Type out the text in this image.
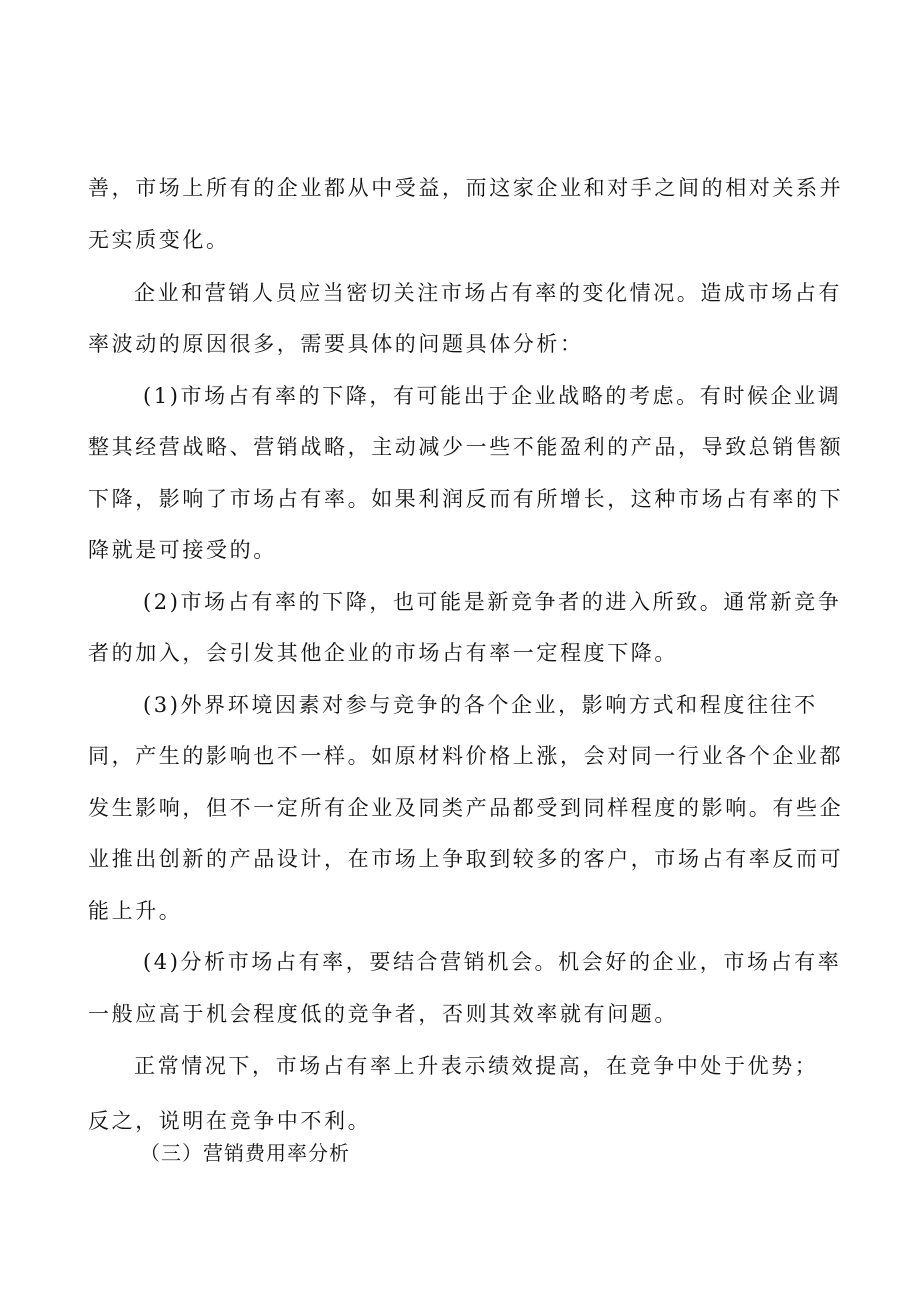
善，市场上所有的企业都从中受益，而这家企业和对手之间的相对关系并
无实质变化。
企业和营销人员应当密切关注市场占有率的变化情况。造成市场占有
率波动的原因很多，需要具体的问题具体分析：
(1)市场占有率的下降，有可能出于企业战略的考虑。有时候企业调
整其经营战略、营销战略，主动减少一些不能盈利的产品，导致总销售额
下降，影响了市场占有率。如果利润反而有所增长，这种市场占有率的下
降就是可接受的。
(2)市场占有率的下降，也可能是新竞争者的进入所致。通常新竞争
者的加入，会引发其他企业的市场占有率一定程度下降。
(3)外界环境因素对参与竞争的各个企业，影响方式和程度往往不
同，产生的影响也不一样。如原材料价格上涨，会对同一行业各个企业都
发生影响，但不一定所有企业及同类产品都受到同样程度的影响。有些企
业推出创新的产品设计，在市场上争取到较多的客户，市场占有率反而可
能上升。
(4)分析市场占有率，要结合营销机会。机会好的企业，市场占有率
一般应高于机会程度低的竞争者，否则其效率就有问题。
正常情况下，市场占有率上升表示绩效提高，在竞争中处于优势；
反之，说明在竞争中不利。
（三）营销费用率分析
